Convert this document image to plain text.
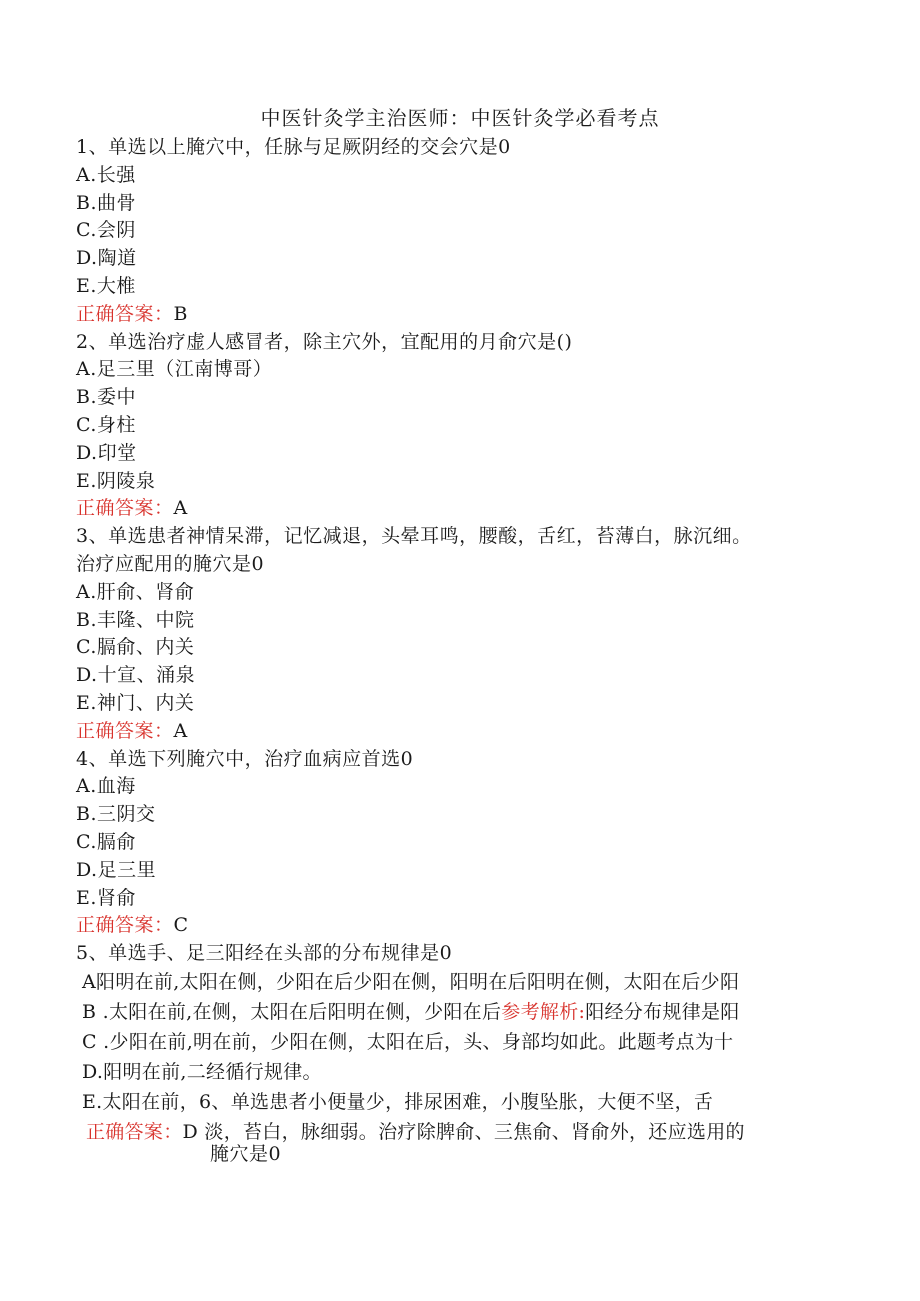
中医针灸学主治医师：中医针灸学必看考点
1、单选以上腌穴中，任脉与足厥阴经的交会穴是0
A.长强
B.曲骨
C.会阴
D.陶道
E.大椎
正确答案：B
2、单选治疗虚人感冒者，除主穴外，宜配用的月俞穴是()
A.足三里（江南博哥）
B.委中
C.身柱
D.印堂
E.阴陵泉
正确答案：A
3、单选患者神情呆滞，记忆减退，头晕耳鸣，腰酸，舌红，苔薄白，脉沉细。
治疗应配用的腌穴是0
A.肝俞、肾俞
B.丰隆、中院
C.膈俞、内关
D.十宣、涌泉
E.神门、内关
正确答案：A
4、单选下列腌穴中，治疗血病应首选0
A.血海
B.三阴交
C.膈俞
D.足三里
E.肾俞
正确答案：C
5、单选手、足三阳经在头部的分布规律是0
A阳明在前,太阳在侧，少阳在后少阳在侧，阳明在后阳明在侧，太阳在后少阳
B .太阳在前,在侧，太阳在后阳明在侧，少阳在后参考解析:阳经分布规律是阳
C .少阳在前,明在前，少阳在侧，太阳在后，头、身部均如此。此题考点为十
D.阳明在前,二经循行规律。
E.太阳在前，6、单选患者小便量少，排尿困难，小腹坠胀，大便不坚，舌
正确答案：D 淡，苔白，脉细弱。治疗除脾俞、三焦俞、肾俞外，还应选用的
腌穴是0
